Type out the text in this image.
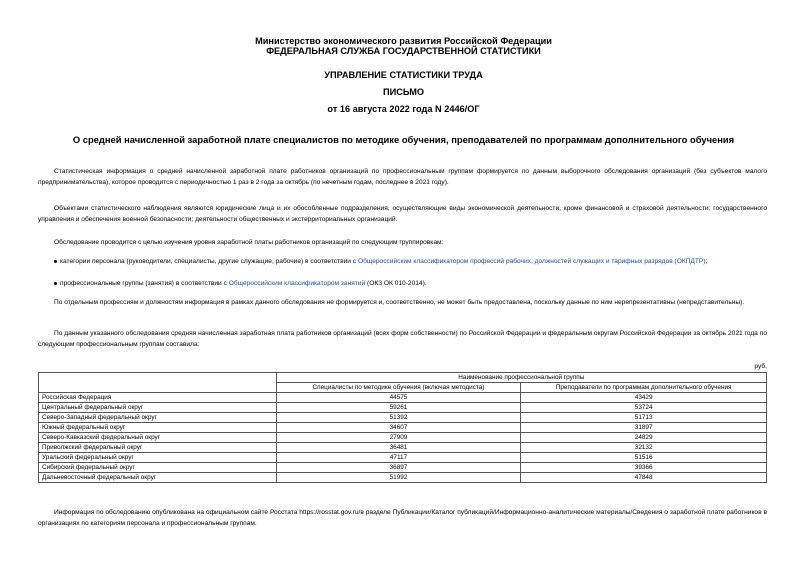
Министерство экономического развития Российской Федерации
ФЕДЕРАЛЬНАЯ СЛУЖБА ГОСУДАРСТВЕННОЙ СТАТИСТИКИ
УПРАВЛЕНИЕ СТАТИСТИКИ ТРУДА
ПИСЬМО
от 16 августа 2022 года N 2446/ОГ
О средней начисленной заработной плате специалистов по методике обучения, преподавателей по программам дополнительного обучения
Статистическая информация о средней начисленной заработной плате работников организаций по профессиональным группам формируется по данным выборочного обследования организаций (без субъектов малого предпринимательства), которое проводится с периодичностью 1 раз в 2 года за октябрь (по нечетным годам, последнее в 2021 году).
Объектами статистического наблюдения являются юридические лица и их обособленные подразделения, осуществляющие виды экономической деятельности, кроме финансовой и страховой деятельности; государственного управления и обеспечения военной безопасности; деятельности общественных и экстерриториальных организаций.
Обследование проводится с целью изучения уровня заработной платы работников организаций по следующим группировкам:
категории персонала (руководители, специалисты, другие служащие, рабочие) в соответствии с Общероссийским классификатором профессий рабочих, должностей служащих и тарифных разрядов (ОКПДТР);
профессиональные группы (занятия) в соответствии с Общероссийским классификатором занятий (ОКЗ ОК 010-2014).
По отдельным профессиям и должностям информация в рамках данного обследования не формируется и, соответственно, не может быть предоставлена, поскольку данные по ним нерепрезентативны (непредставительны).
По данным указанного обследования средняя начисленная заработная плата работников организаций (всех форм собственности) по Российской Федерации и федеральным округам Российской Федерации за октябрь 2021 года по следующим профессиональным группам составила:
руб.
	Наименование профессиональной группы	
	Специалисты по методике обучения (включая методиста)	Преподаватели по программам дополнительного обучения
Российская Федерация	44575	43429
Центральный федеральный округ	59261	53724
Северо-Западный федеральный округ	51392	51713
Южный федеральный округ	34607	31897
Северо-Кавказский федеральный округ	27909	24829
Приволжский федеральный округ	36481	32132
Уральский федеральный округ	47117	51516
Сибирский федеральный округ	36897	39366
Дальневосточный федеральный округ	51992	47848
Информация по обследованию опубликована на официальном сайте Росстата https://rosstat.gov.ru/в разделе Публикации/Каталог публикаций/Информационно-аналитические материалы/Сведения о заработной плате работников в организациях по категориям персонала и профессиональным группам.
